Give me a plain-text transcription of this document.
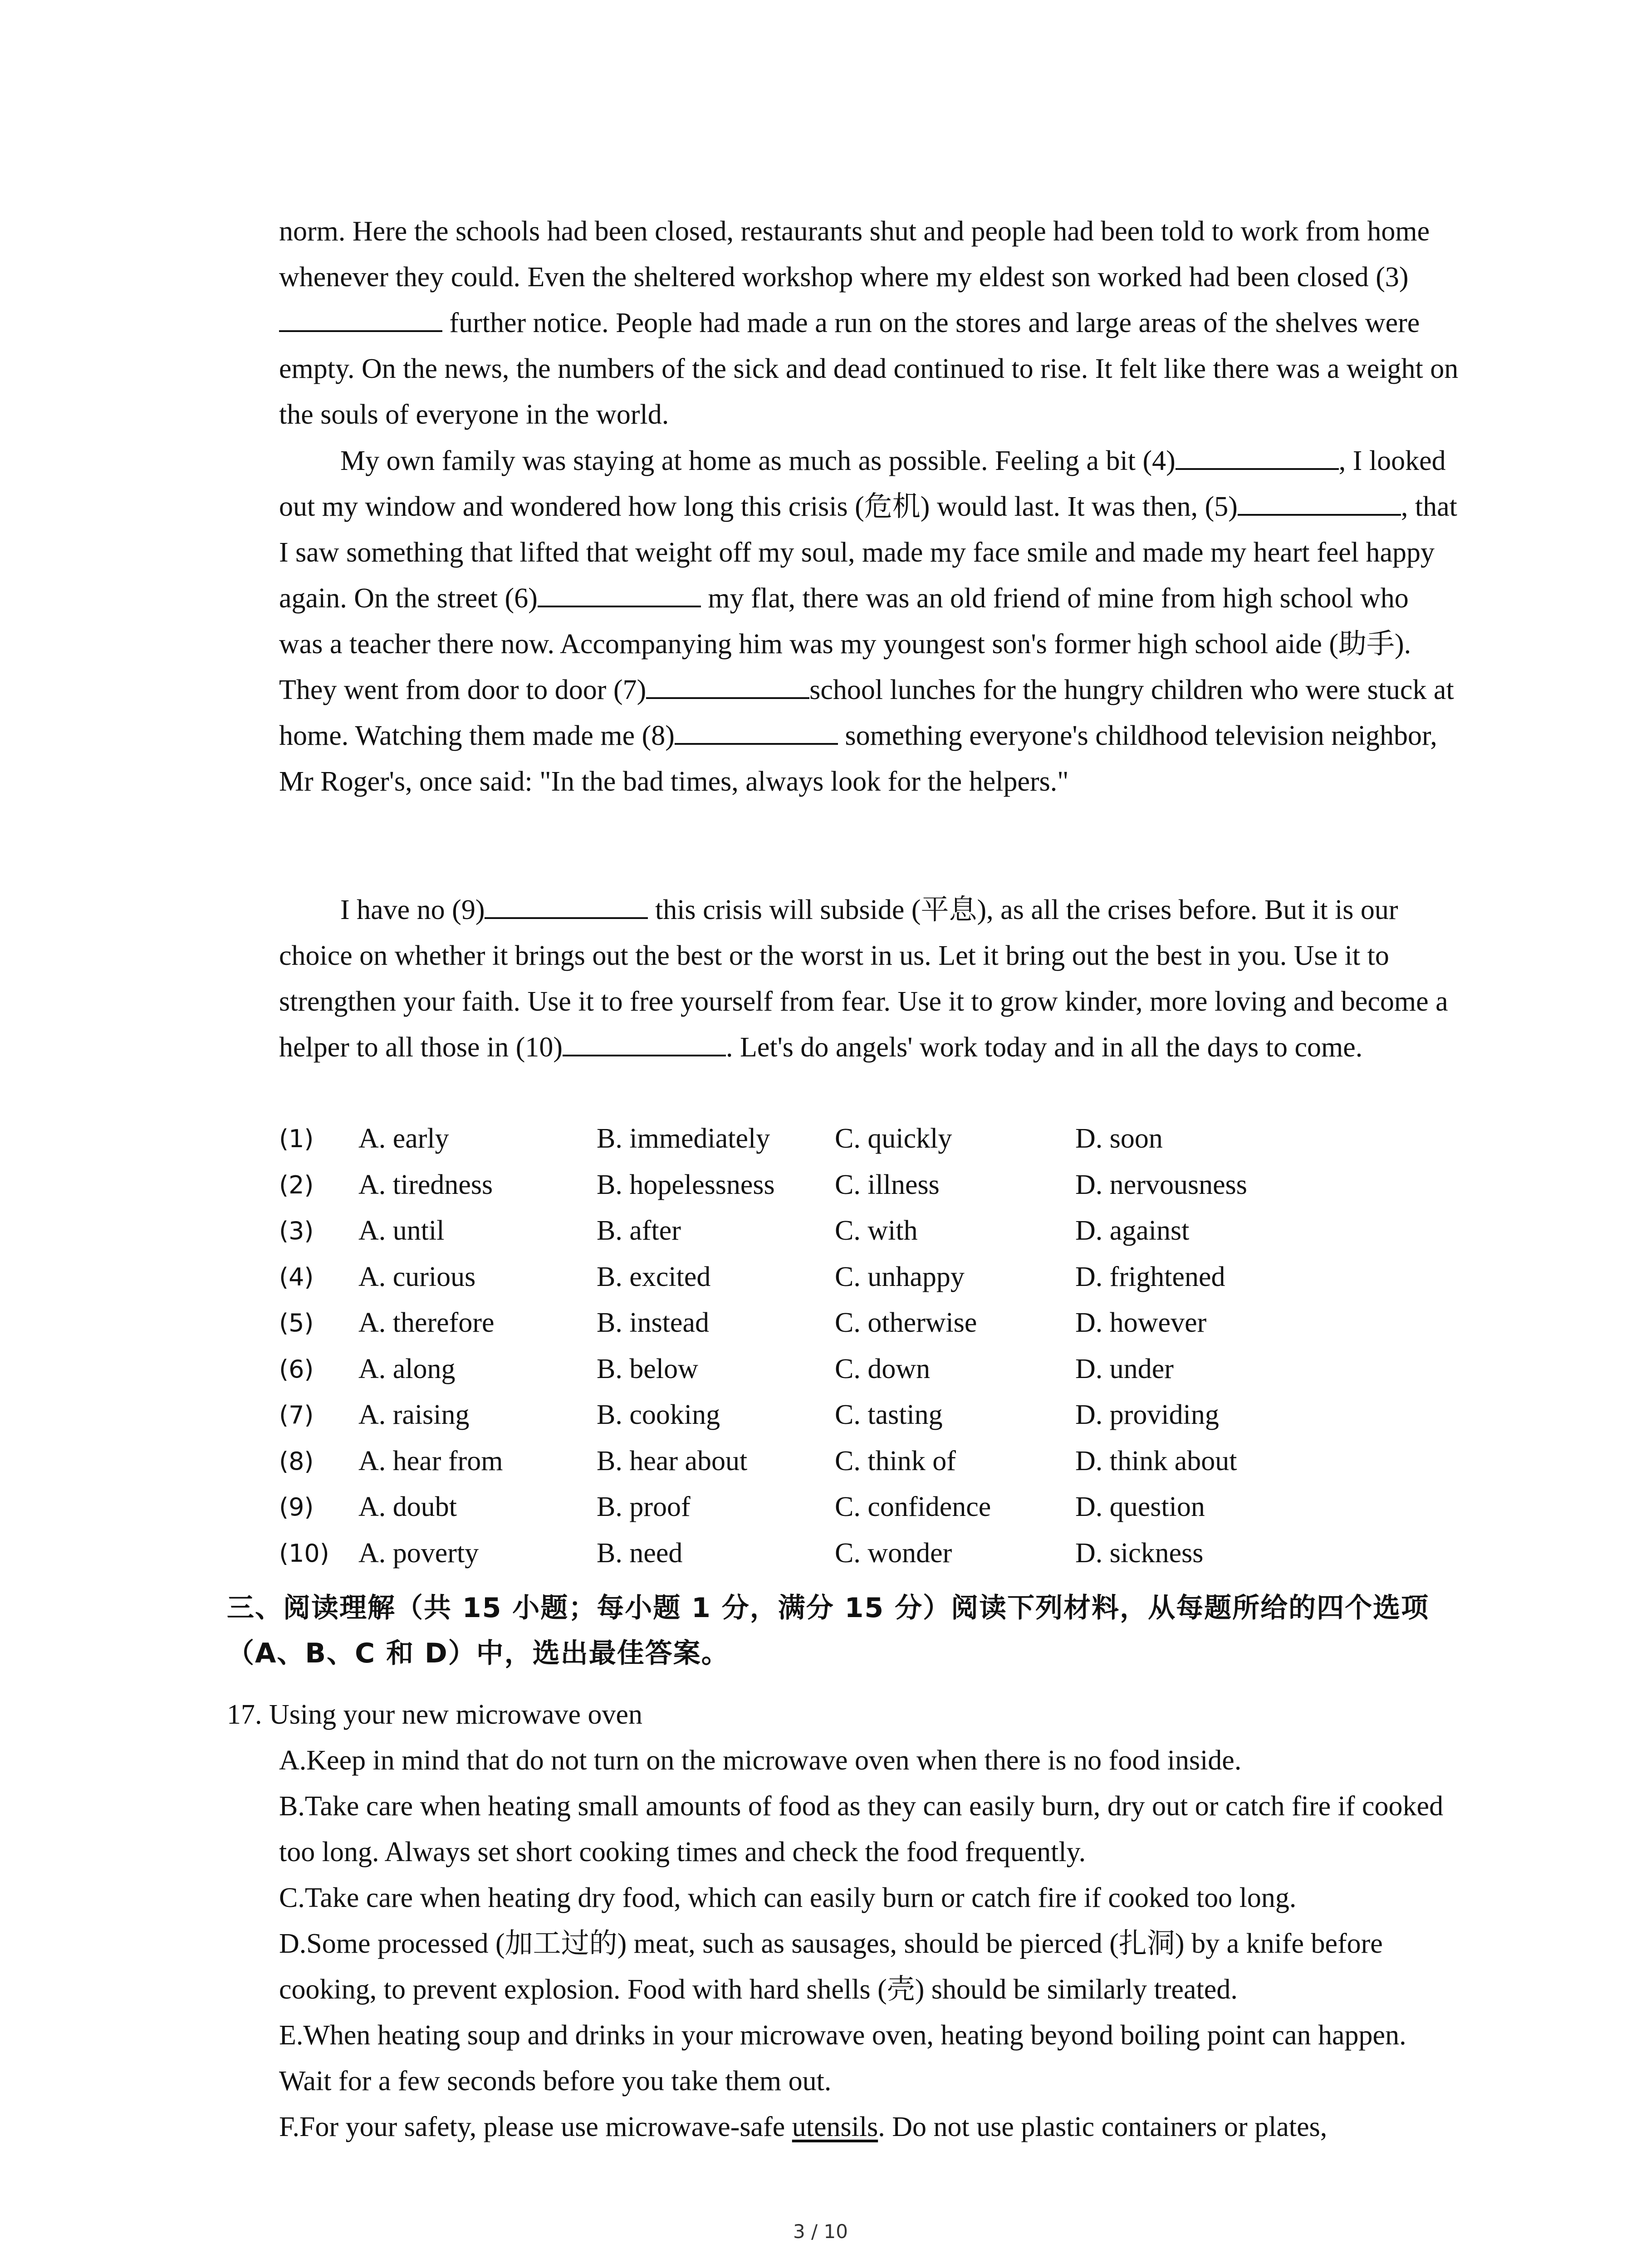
norm. Here the schools had been closed, restaurants shut and people had been told to work from home whenever they could. Even the sheltered workshop where my eldest son worked had been closed (3) further notice. People had made a run on the stores and large areas of the shelves were empty. On the news, the numbers of the sick and dead continued to rise. It felt like there was a weight on the souls of everyone in the world.

My own family was staying at home as much as possible. Feeling a bit (4)	, I looked out my window and wondered how long this crisis (危机) would last. It was then, (5)	, that I saw something that lifted that weight off my soul, made my face smile and made my heart feel happy again. On the street (6)	my flat, there was an old friend of mine from high school who was a teacher there now. Accompanying him was my youngest son's former high school aide (助手). They went from door to door (7)	school lunches for the hungry children who were stuck at home. Watching them made me (8)	something everyone's childhood television neighbor, Mr Roger's, once said: "In the bad times, always look for the helpers."

I have no (9)	this crisis will subside (平息), as all the crises before. But it is our choice on whether it brings out the best or the worst in us. Let it bring out the best in you. Use it to strengthen your faith. Use it to free yourself from fear. Use it to grow kinder, more loving and become a helper to all those in (10)	. Let's do angels' work today and in all the days to come.

(1) A. early	B. immediately C. quickly	D. soon
(2) A. tiredness	B. hopelessness C. illness	D. nervousness
(3) A. until	B. after	C. with	D. against
(4) A. curious	B. excited	C. unhappy	D. frightened
(5) A. therefore	B. instead	C. otherwise	D. however
(6) A. along	B. below	C. down	D. under
(7) A. raising	B. cooking	C. tasting	D. providing
(8) A. hear from	B. hear about	C. think of	D. think about
(9) A. doubt	B. proof	C. confidence	D. question
(10) A. poverty	B. need	C. wonder	D. sickness
三、阅读理解（共 15 小题；每小题 1 分，满分 15 分）阅读下列材料，从每题所给的四个选项（A、B、C 和 D）中，选出最佳答案。

17. Using your new microwave oven

A.Keep in mind that do not turn on the microwave oven when there is no food inside.

B.Take care when heating small amounts of food as they can easily burn, dry out or catch fire if cooked too long. Always set short cooking times and check the food frequently.

C.Take care when heating dry food, which can easily burn or catch fire if cooked too long.

D.Some processed (加工过的) meat, such as sausages, should be pierced (扎洞) by a knife before cooking, to prevent explosion. Food with hard shells (壳) should be similarly treated.

E.When heating soup and drinks in your microwave oven, heating beyond boiling point can happen. Wait for a few seconds before you take them out.

F.For your safety, please use microwave-safe utensils. Do not use plastic containers or plates,

3 / 10
